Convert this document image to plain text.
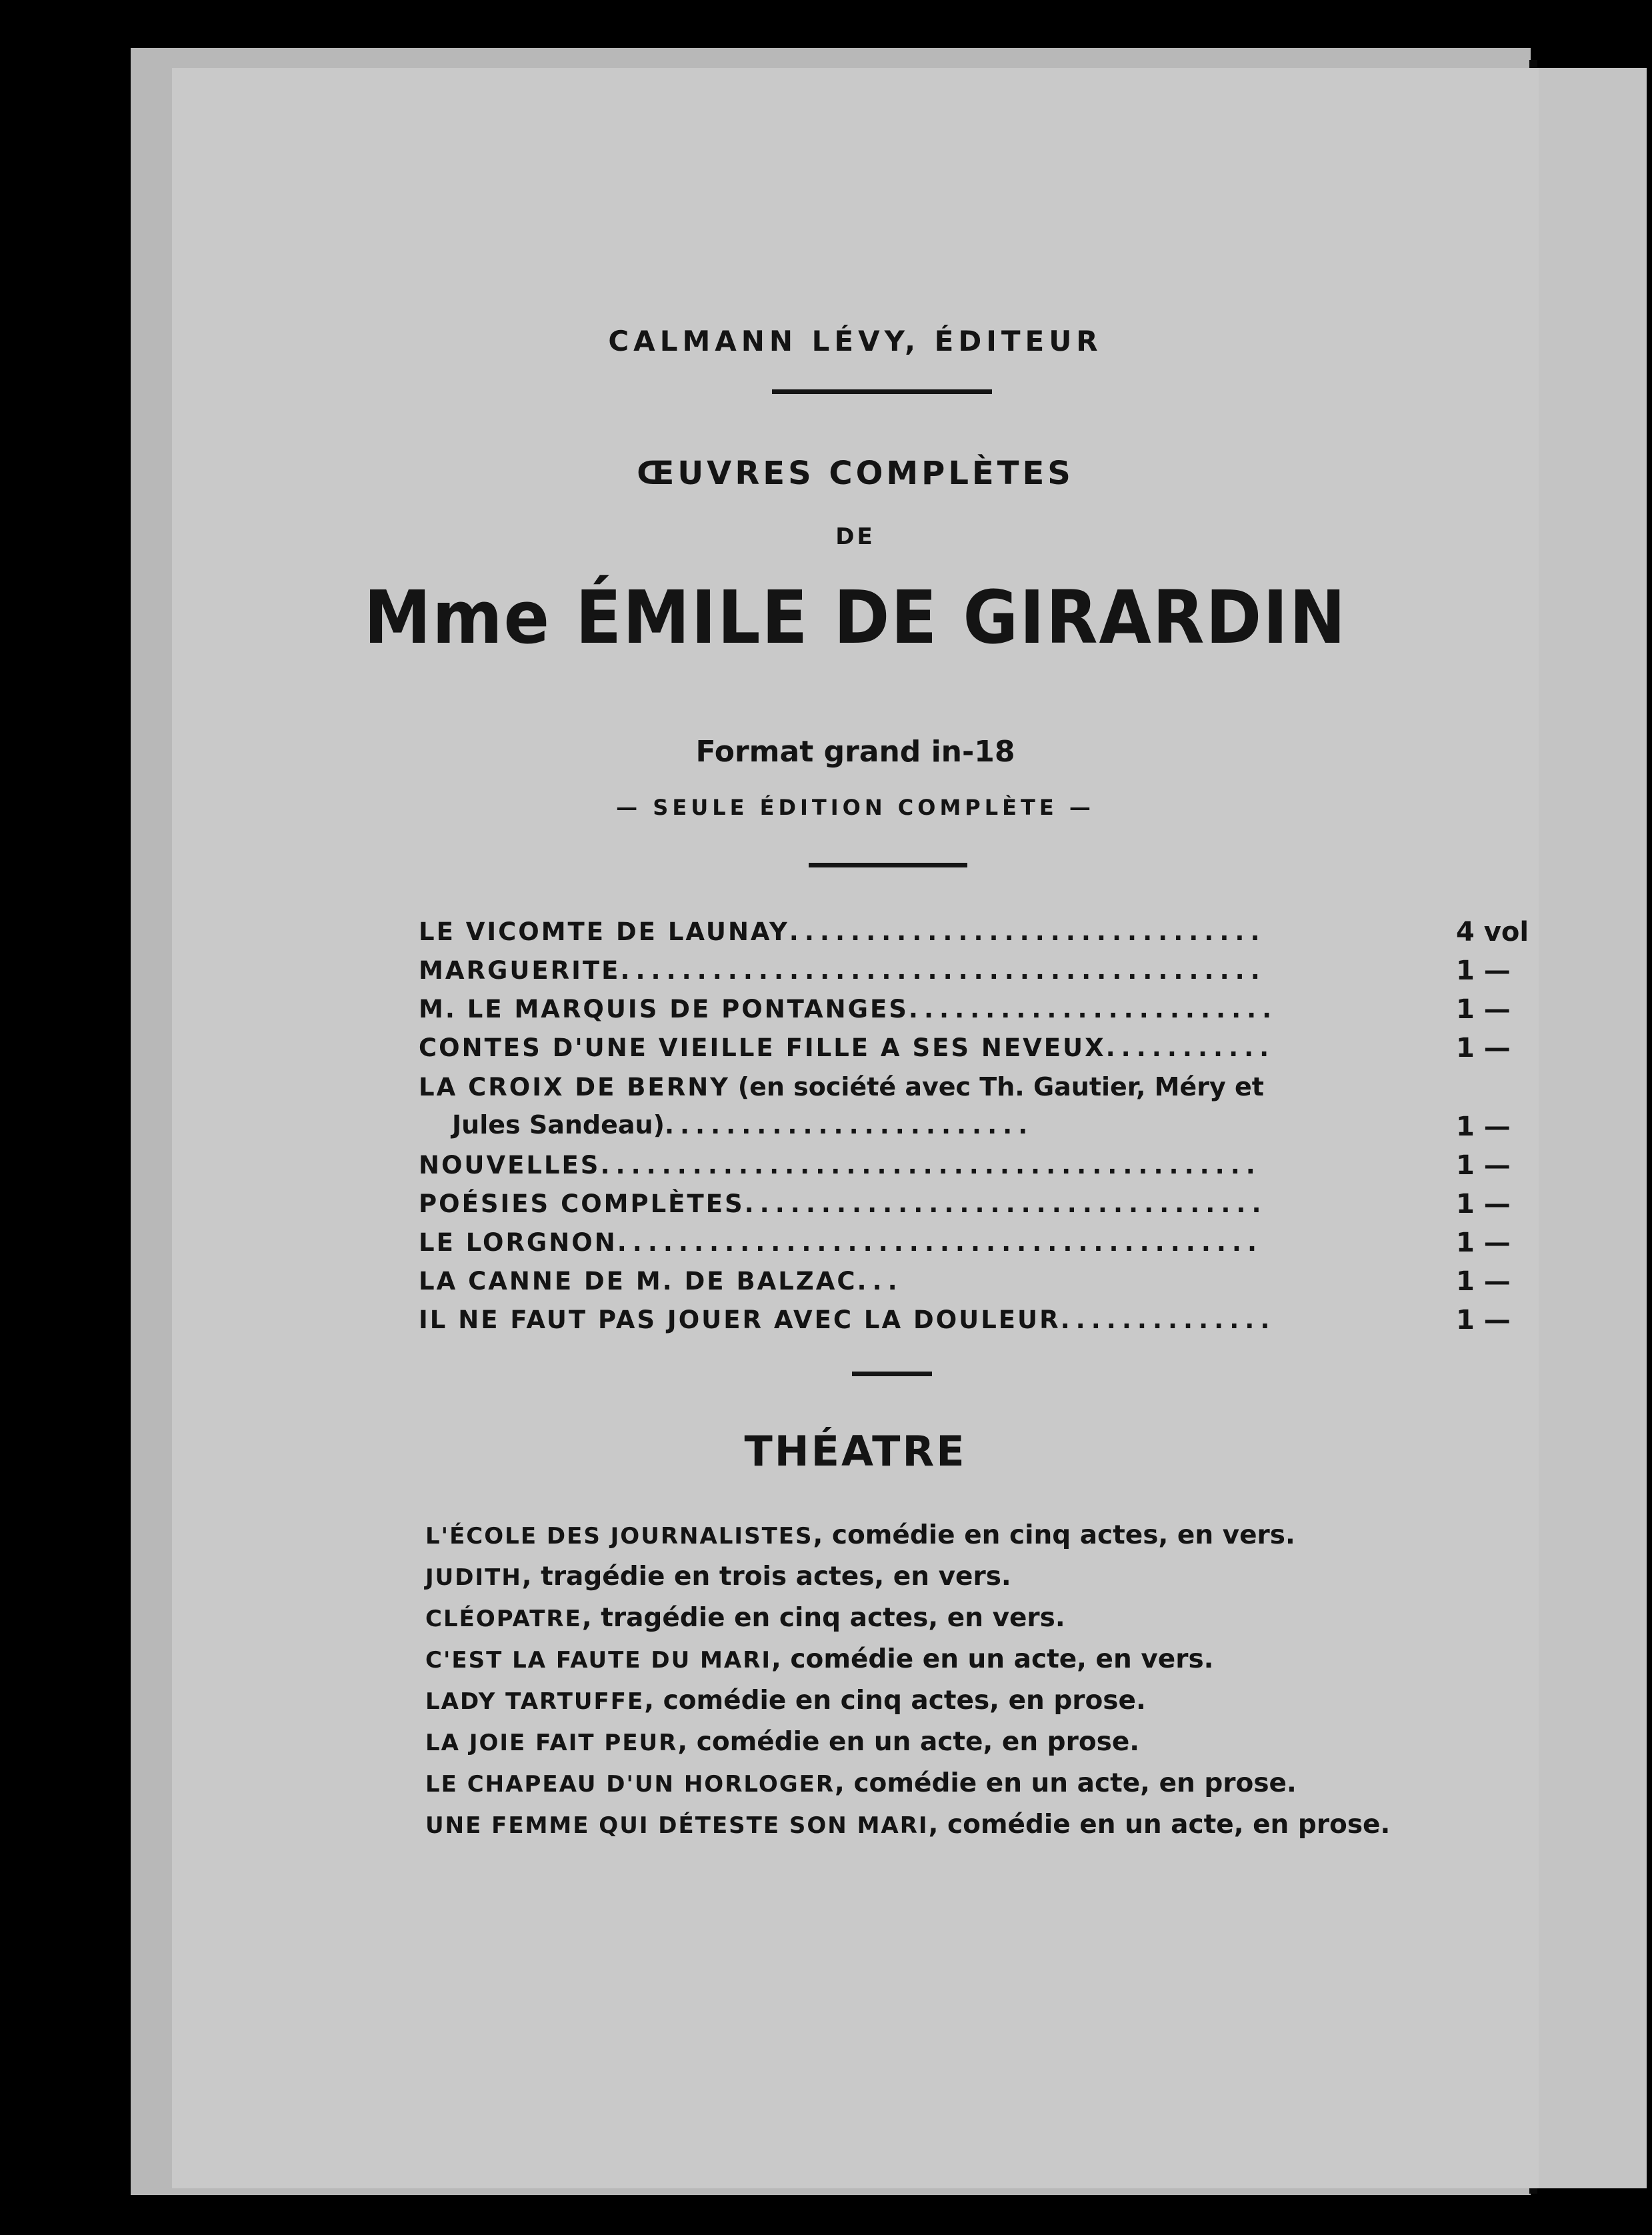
CALMANN LÉVY, ÉDITEUR
ŒUVRES COMPLÈTES
DE
Mme ÉMILE DE GIRARDIN
Format grand in-18
— SEULE ÉDITION COMPLÈTE —
LE VICOMTE DE LAUNAY...............................	4 vol
MARGUERITE..........................................	1 —
M. LE MARQUIS DE PONTANGES........................	1 —
CONTES D'UNE VIEILLE FILLE A SES NEVEUX...........	1 —
LA CROIX DE BERNY (en société avec Th. Gautier, Méry et
Jules Sandeau)........................	1 —
NOUVELLES...........................................	1 —
POÉSIES COMPLÈTES..................................	1 —
LE LORGNON..........................................	1 —
LA CANNE DE M. DE BALZAC...	1 —
IL NE FAUT PAS JOUER AVEC LA DOULEUR..............	1 —
THÉATRE
L'ÉCOLE DES JOURNALISTES, comédie en cinq actes, en vers.
JUDITH, tragédie en trois actes, en vers.
CLÉOPATRE, tragédie en cinq actes, en vers.
C'EST LA FAUTE DU MARI, comédie en un acte, en vers.
LADY TARTUFFE, comédie en cinq actes, en prose.
LA JOIE FAIT PEUR, comédie en un acte, en prose.
LE CHAPEAU D'UN HORLOGER, comédie en un acte, en prose.
UNE FEMME QUI DÉTESTE SON MARI, comédie en un acte, en prose.
